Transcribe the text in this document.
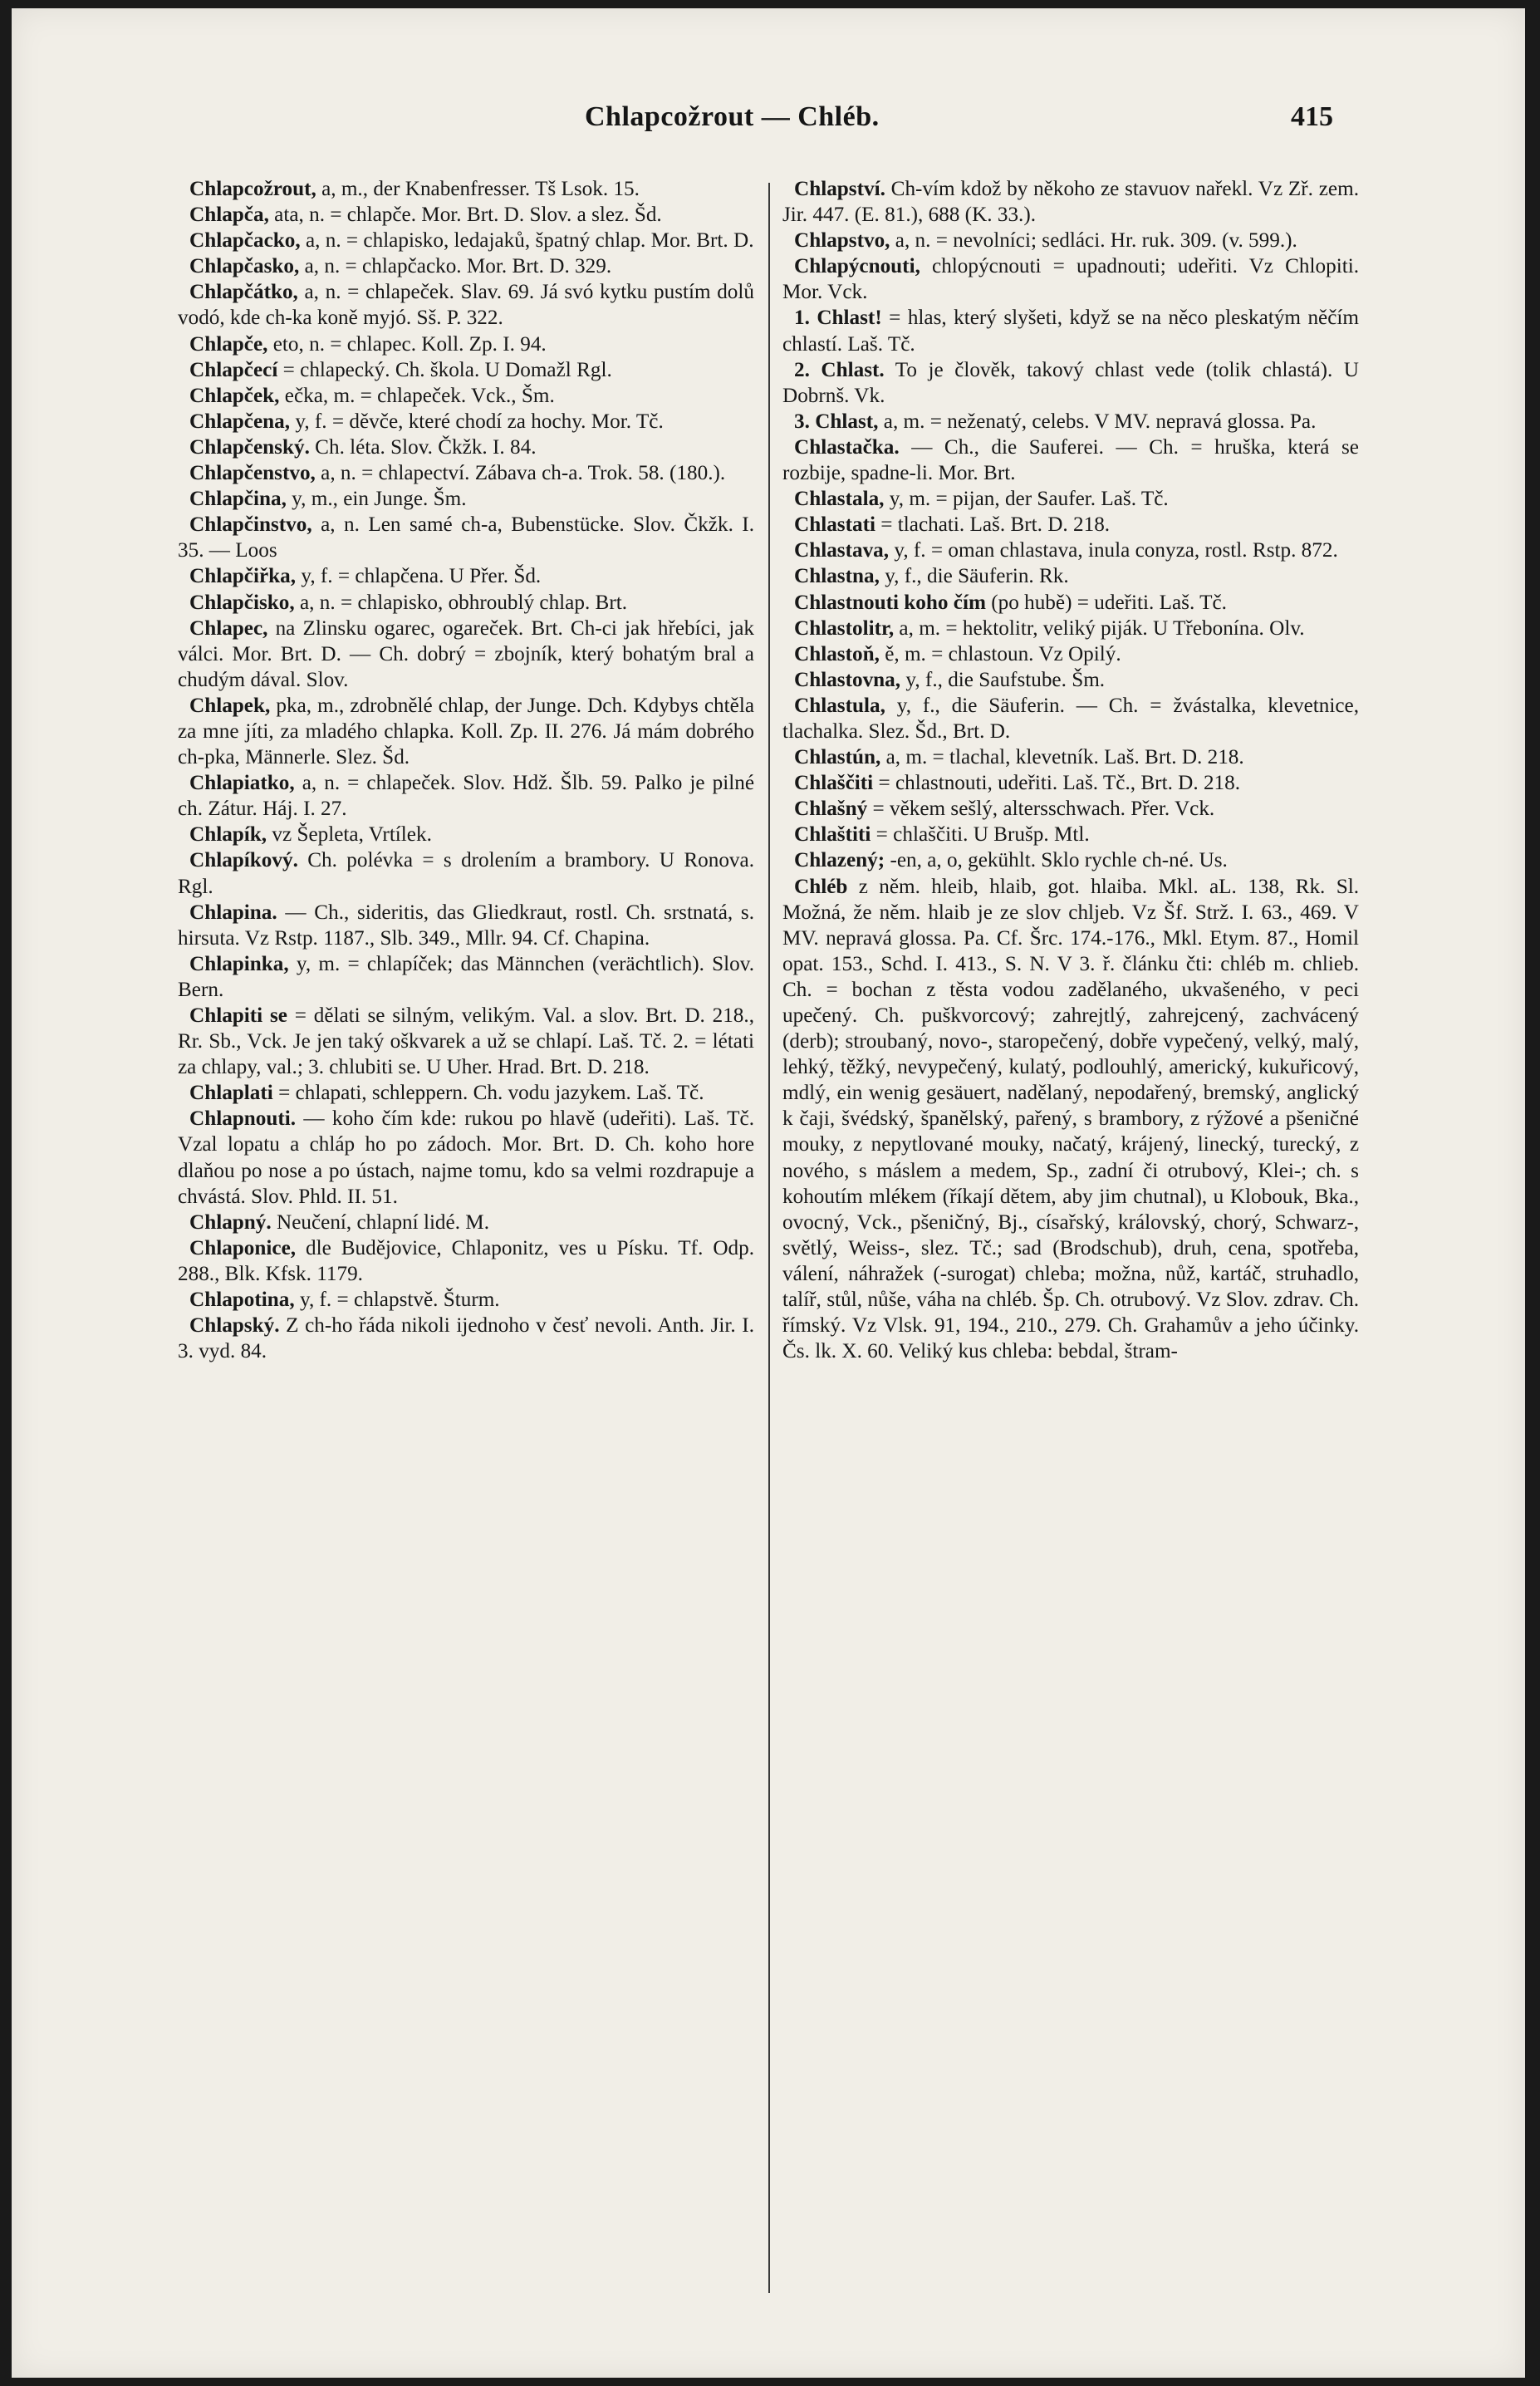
Chlapcožrout — Chléb.	415

Chlapcožrout, a, m., der Knabenfresser. Tš Lsok. 15.

Chlapča, ata, n. = chlapče. Mor. Brt. D. Slov. a slez. Šd.

Chlapčacko, a, n. = chlapisko, ledajaků, špatný chlap. Mor. Brt. D.

Chlapčasko, a, n. = chlapčacko. Mor. Brt. D. 329.

Chlapčátko, a, n. = chlapeček. Slav. 69. Já svó kytku pustím dolů vodó, kde ch-ka koně myjó. Sš. P. 322.

Chlapče, eto, n. = chlapec. Koll. Zp. I. 94.

Chlapčecí = chlapecký. Ch. škola. U Domažl Rgl.

Chlapček, ečka, m. = chlapeček. Vck., Šm.

Chlapčena, y, f. = děvče, které chodí za hochy. Mor. Tč.

Chlapčenský. Ch. léta. Slov. Čkžk. I. 84.

Chlapčenstvo, a, n. = chlapectví. Zábava ch-a. Trok. 58. (180.).

Chlapčina, y, m., ein Junge. Šm.

Chlapčinstvo, a, n. Len samé ch-a, Bubenstücke. Slov. Čkžk. I. 35. — Loos

Chlapčiřka, y, f. = chlapčena. U Přer. Šd.

Chlapčisko, a, n. = chlapisko, obhroublý chlap. Brt.

Chlapec, na Zlinsku ogarec, ogareček. Brt. Ch-ci jak hřebíci, jak válci. Mor. Brt. D. — Ch. dobrý = zbojník, který bohatým bral a chudým dával. Slov.

Chlapek, pka, m., zdrobnělé chlap, der Junge. Dch. Kdybys chtěla za mne jíti, za mladého chlapka. Koll. Zp. II. 276. Já mám dobrého ch-pka, Männerle. Slez. Šd.

Chlapiatko, a, n. = chlapeček. Slov. Hdž. Šlb. 59. Palko je pilné ch. Zátur. Háj. I. 27.

Chlapík, vz Šepleta, Vrtílek.

Chlapíkový. Ch. polévka = s drolením a brambory. U Ronova. Rgl.

Chlapina. — Ch., sideritis, das Gliedkraut, rostl. Ch. srstnatá, s. hirsuta. Vz Rstp. 1187., Slb. 349., Mllr. 94. Cf. Chapina.

Chlapinka, y, m. = chlapíček; das Männchen (verächtlich). Slov. Bern.

Chlapiti se = dělati se silným, velikým. Val. a slov. Brt. D. 218., Rr. Sb., Vck. Je jen taký oškvarek a už se chlapí. Laš. Tč. 2. = létati za chlapy, val.; 3. chlubiti se. U Uher. Hrad. Brt. D. 218.

Chlaplati = chlapati, schleppern. Ch. vodu jazykem. Laš. Tč.

Chlapnouti. — koho čím kde: rukou po hlavě (udeřiti). Laš. Tč. Vzal lopatu a chláp ho po zádoch. Mor. Brt. D. Ch. koho hore dlaňou po nose a po ústach, najme tomu, kdo sa velmi rozdrapuje a chvástá. Slov. Phld. II. 51.

Chlapný. Neučení, chlapní lidé. M.

Chlaponice, dle Budějovice, Chlaponitz, ves u Písku. Tf. Odp. 288., Blk. Kfsk. 1179.

Chlapotina, y, f. = chlapstvě. Šturm.

Chlapský. Z ch-ho řáda nikoli ijednoho v česť nevoli. Anth. Jir. I. 3. vyd. 84.

Chlapství. Ch-vím kdož by někoho ze stavuov nařekl. Vz Zř. zem. Jir. 447. (E. 81.), 688 (K. 33.).

Chlapstvo, a, n. = nevolníci; sedláci. Hr. ruk. 309. (v. 599.).

Chlapýcnouti, chlopýcnouti = upadnouti; udeřiti. Vz Chlopiti. Mor. Vck.

1. Chlast! = hlas, který slyšeti, když se na něco pleskatým něčím chlastí. Laš. Tč.

2. Chlast. To je člověk, takový chlast vede (tolik chlastá). U Dobrnš. Vk.

3. Chlast, a, m. = neženatý, celebs. V MV. nepravá glossa. Pa.

Chlastačka. — Ch., die Sauferei. — Ch. = hruška, která se rozbije, spadne-li. Mor. Brt.

Chlastala, y, m. = pijan, der Saufer. Laš. Tč.

Chlastati = tlachati. Laš. Brt. D. 218.

Chlastava, y, f. = oman chlastava, inula conyza, rostl. Rstp. 872.

Chlastna, y, f., die Säuferin. Rk.

Chlastnouti koho čím (po hubě) = udeřiti. Laš. Tč.

Chlastolitr, a, m. = hektolitr, veliký piják. U Třebonína. Olv.

Chlastoň, ě, m. = chlastoun. Vz Opilý.

Chlastovna, y, f., die Saufstube. Šm.

Chlastula, y, f., die Säuferin. — Ch. = žvástalka, klevetnice, tlachalka. Slez. Šd., Brt. D.

Chlastún, a, m. = tlachal, klevetník. Laš. Brt. D. 218.

Chlaščiti = chlastnouti, udeřiti. Laš. Tč., Brt. D. 218.

Chlašný = věkem sešlý, altersschwach. Přer. Vck.

Chlaštiti = chlaščiti. U Brušp. Mtl.

Chlazený; -en, a, o, gekühlt. Sklo rychle ch-né. Us.

Chléb z něm. hleib, hlaib, got. hlaiba. Mkl. aL. 138, Rk. Sl. Možná, že něm. hlaib je ze slov chljeb. Vz Šf. Strž. I. 63., 469. V MV. nepravá glossa. Pa. Cf. Šrc. 174.-176., Mkl. Etym. 87., Homil opat. 153., Schd. I. 413., S. N. V 3. ř. článku čti: chléb m. chlieb. Ch. = bochan z těsta vodou zadělaného, ukvašeného, v peci upečený. Ch. puškvorcový; zahrejtlý, zahrejcený, zachvácený (derb); stroubaný, novo-, staropečený, dobře vypečený, velký, malý, lehký, těžký, nevypečený, kulatý, podlouhlý, americký, kukuřicový, mdlý, ein wenig gesäuert, nadělaný, nepodařený, bremský, anglický k čaji, švédský, španělský, pařený, s brambory, z rýžové a pšeničné mouky, z nepytlované mouky, načatý, krájený, linecký, turecký, z nového, s máslem a medem, Sp., zadní či otrubový, Klei-; ch. s kohoutím mlékem (říkají dětem, aby jim chutnal), u Klobouk, Bka., ovocný, Vck., pšeničný, Bj., císařský, královský, chorý, Schwarz-, světlý, Weiss-, slez. Tč.; sad (Brodschub), druh, cena, spotřeba, válení, náhražek (-surogat) chleba; možna, nůž, kartáč, struhadlo, talíř, stůl, nůše, váha na chléb. Šp. Ch. otrubový. Vz Slov. zdrav. Ch. římský. Vz Vlsk. 91, 194., 210., 279. Ch. Grahamův a jeho účinky. Čs. lk. X. 60. Veliký kus chleba: bebdal, štram-
